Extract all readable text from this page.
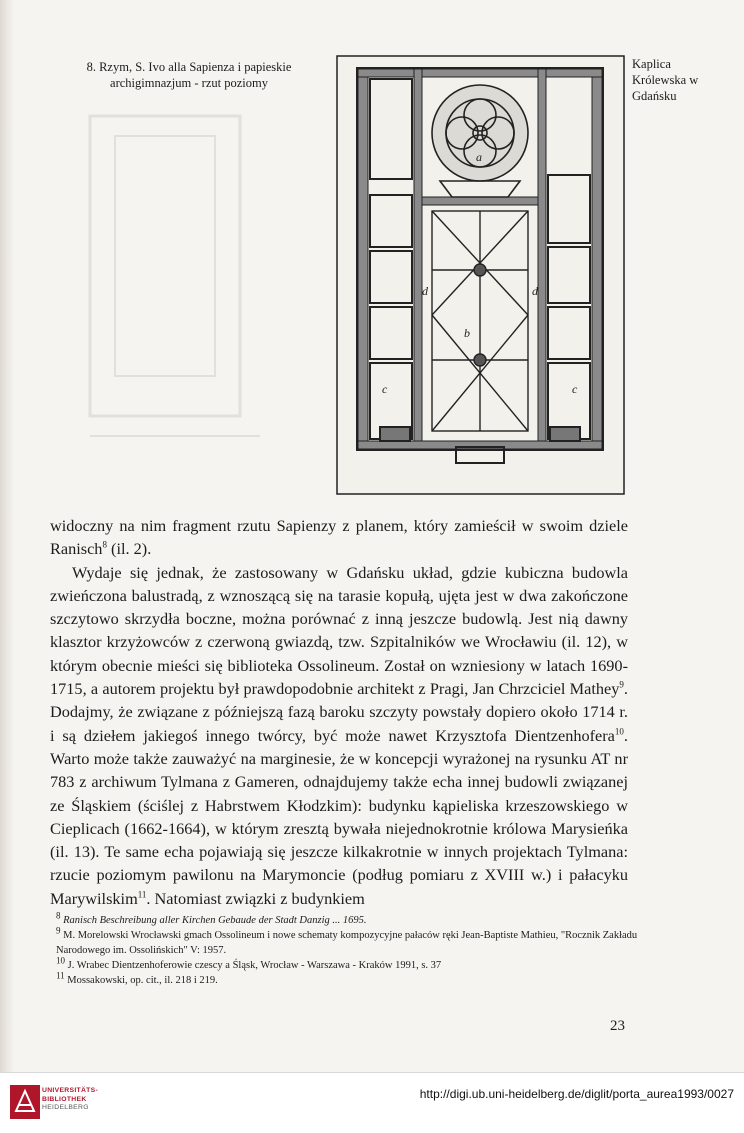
8. Rzym, S. Ivo alla Sapienza i papieskie archigimnazjum - rzut poziomy
Kaplica Królewska w Gdańsku
a
b
c	c
d	d

widoczny na nim fragment rzutu Sapienzy z planem, który zamieścił w swoim dziele Ranisch$^8$ (il. 2).

Wydaje się jednak, że zastosowany w Gdańsku układ, gdzie kubiczna budowla zwieńczona balustradą, z wznoszącą się na tarasie kopułą, ujęta jest w dwa zakończone szczytowo skrzydła boczne, można porównać z inną jeszcze budowlą. Jest nią dawny klasztor krzyżowców z czerwoną gwiazdą, tzw. Szpitalników we Wrocławiu (il. 12), w którym obecnie mieści się biblioteka Ossolineum. Został on wzniesiony w latach 1690-1715, a autorem projektu był prawdopodobnie architekt z Pragi, Jan Chrzciciel Mathey$^9$. Dodajmy, że związane z późniejszą fazą baroku szczyty powstały dopiero około 1714 r. i są dziełem jakiegoś innego twórcy, być może nawet Krzysztofa Dientzenhofera$^{10}$. Warto może także zauważyć na marginesie, że w koncepcji wyrażonej na rysunku AT nr 783 z archiwum Tylmana z Gameren, odnajdujemy także echa innej budowli związanej ze Śląskiem (ściślej z Habrstwem Kłodzkim): budynku kąpieliska krzeszowskiego w Cieplicach (1662-1664), w którym zresztą bywała niejednokrotnie królowa Marysieńka (il. 13). Te same echa pojawiają się jeszcze kilkakrotnie w innych projektach Tylmana: rzucie poziomym pawilonu na Marymoncie (podług pomiaru z XVIII w.) i pałacyku Marywilskim$^{11}$. Natomiast związki z budynkiem

$^8$ Ranisch Beschreibung aller Kirchen Gebaude der Stadt Danzig ... 1695.
$^9$ M. Morelowski Wrocławski gmach Ossolineum i nowe schematy kompozycyjne pałaców ręki Jean-Baptiste Mathieu, "Rocznik Zakładu Narodowego im. Ossolińskich" V: 1957.
$^{10}$ J. Wrabec Dientzenhoferowie czescy a Śląsk, Wrocław - Warszawa - Kraków 1991, s. 37
$^{11}$ Mossakowski, op. cit., il. 218 i 219.
23
UNIVERSITÄTS-
BIBLIOTHEK
HEIDELBERG
http://digi.ub.uni-heidelberg.de/diglit/porta_aurea1993/0027
